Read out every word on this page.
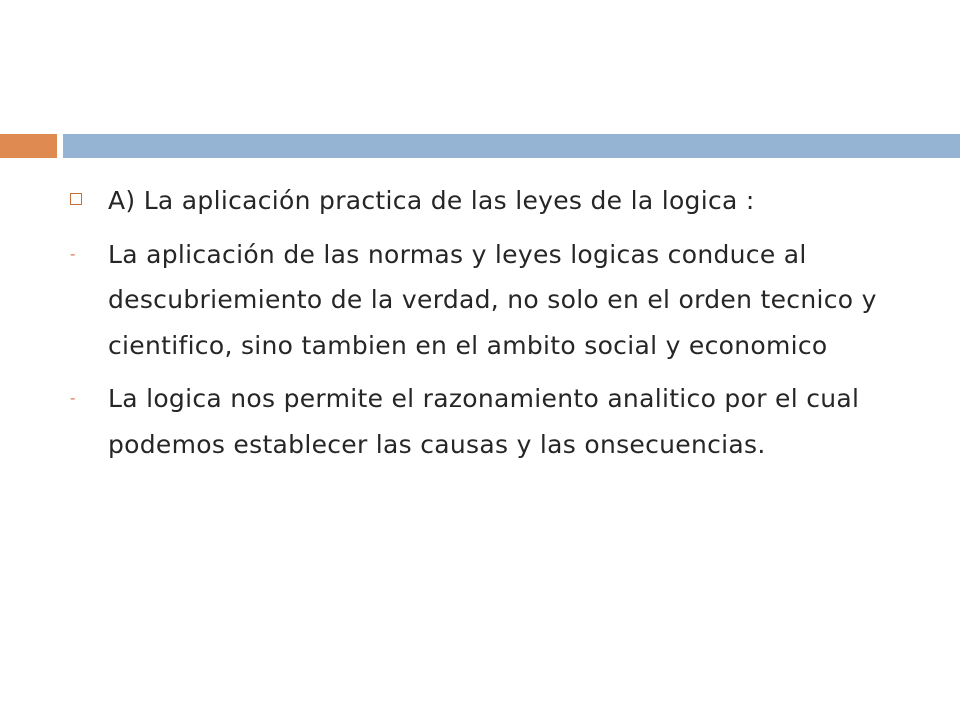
A) La aplicación practica de las leyes de la logica :
-	La aplicación de las normas y leyes logicas conduce al descubriemiento de la verdad, no solo en el orden tecnico y cientifico, sino tambien en el ambito social y economico
-	La logica nos permite el razonamiento analitico por el cual podemos establecer las causas y las onsecuencias.
